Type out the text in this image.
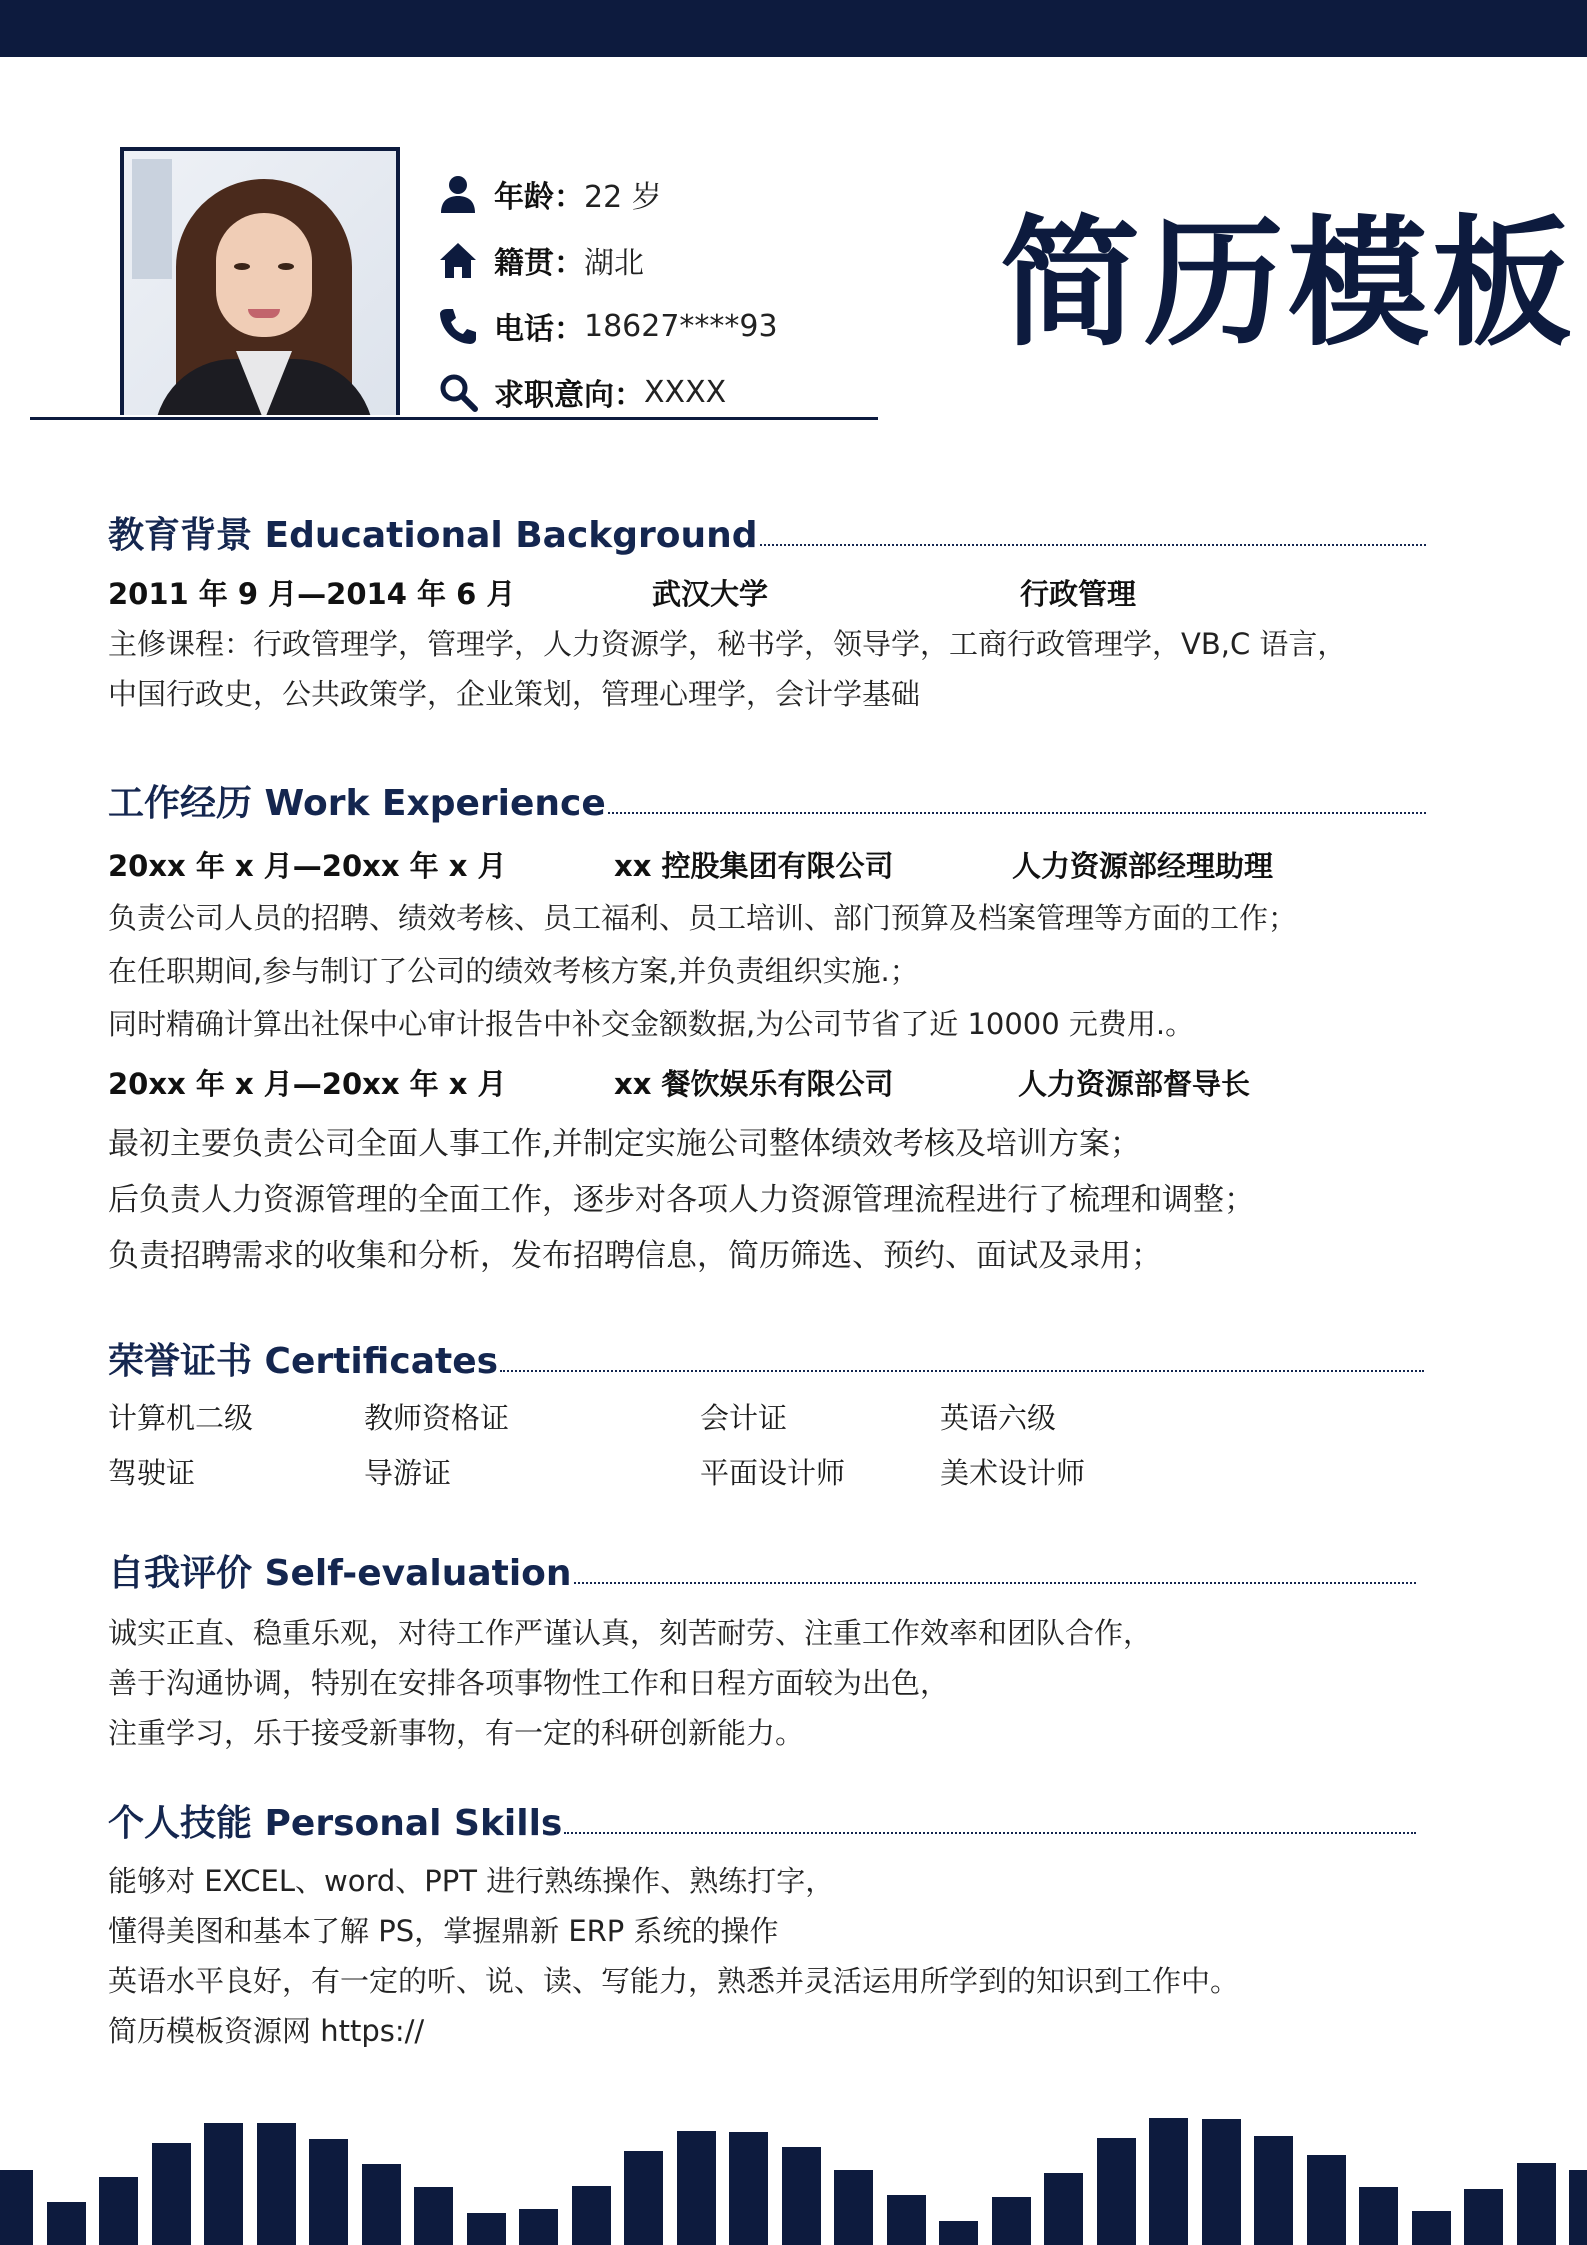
年龄： 22 岁
籍贯： 湖北
电话： 18627****93
求职意向： XXXX
简历模板
教育背景 Educational Background
2011 年 9 月—2014 年 6 月	武汉大学	行政管理
主修课程：行政管理学，管理学，人力资源学，秘书学，领导学，工商行政管理学，VB,C 语言，
中国行政史，公共政策学，企业策划，管理心理学，会计学基础
工作经历 Work Experience
20xx 年 x 月—20xx 年 x 月	xx 控股集团有限公司	人力资源部经理助理
负责公司人员的招聘、绩效考核、员工福利、员工培训、部门预算及档案管理等方面的工作；
在任职期间,参与制订了公司的绩效考核方案,并负责组织实施.；
同时精确计算出社保中心审计报告中补交金额数据,为公司节省了近 10000 元费用.。
20xx 年 x 月—20xx 年 x 月	xx 餐饮娱乐有限公司	人力资源部督导长
最初主要负责公司全面人事工作,并制定实施公司整体绩效考核及培训方案；
后负责人力资源管理的全面工作，逐步对各项人力资源管理流程进行了梳理和调整；
负责招聘需求的收集和分析，发布招聘信息，简历筛选、预约、面试及录用；
荣誉证书 Certificates
计算机二级	教师资格证	会计证	英语六级
驾驶证	导游证	平面设计师	美术设计师
自我评价 Self-evaluation
诚实正直、稳重乐观，对待工作严谨认真，刻苦耐劳、注重工作效率和团队合作，
善于沟通协调，特别在安排各项事物性工作和日程方面较为出色，
注重学习，乐于接受新事物，有一定的科研创新能力。
个人技能 Personal Skills
能够对 EXCEL、word、PPT 进行熟练操作、熟练打字，
懂得美图和基本了解 PS，掌握鼎新 ERP 系统的操作
英语水平良好，有一定的听、说、读、写能力，熟悉并灵活运用所学到的知识到工作中。
简历模板资源网 https://
